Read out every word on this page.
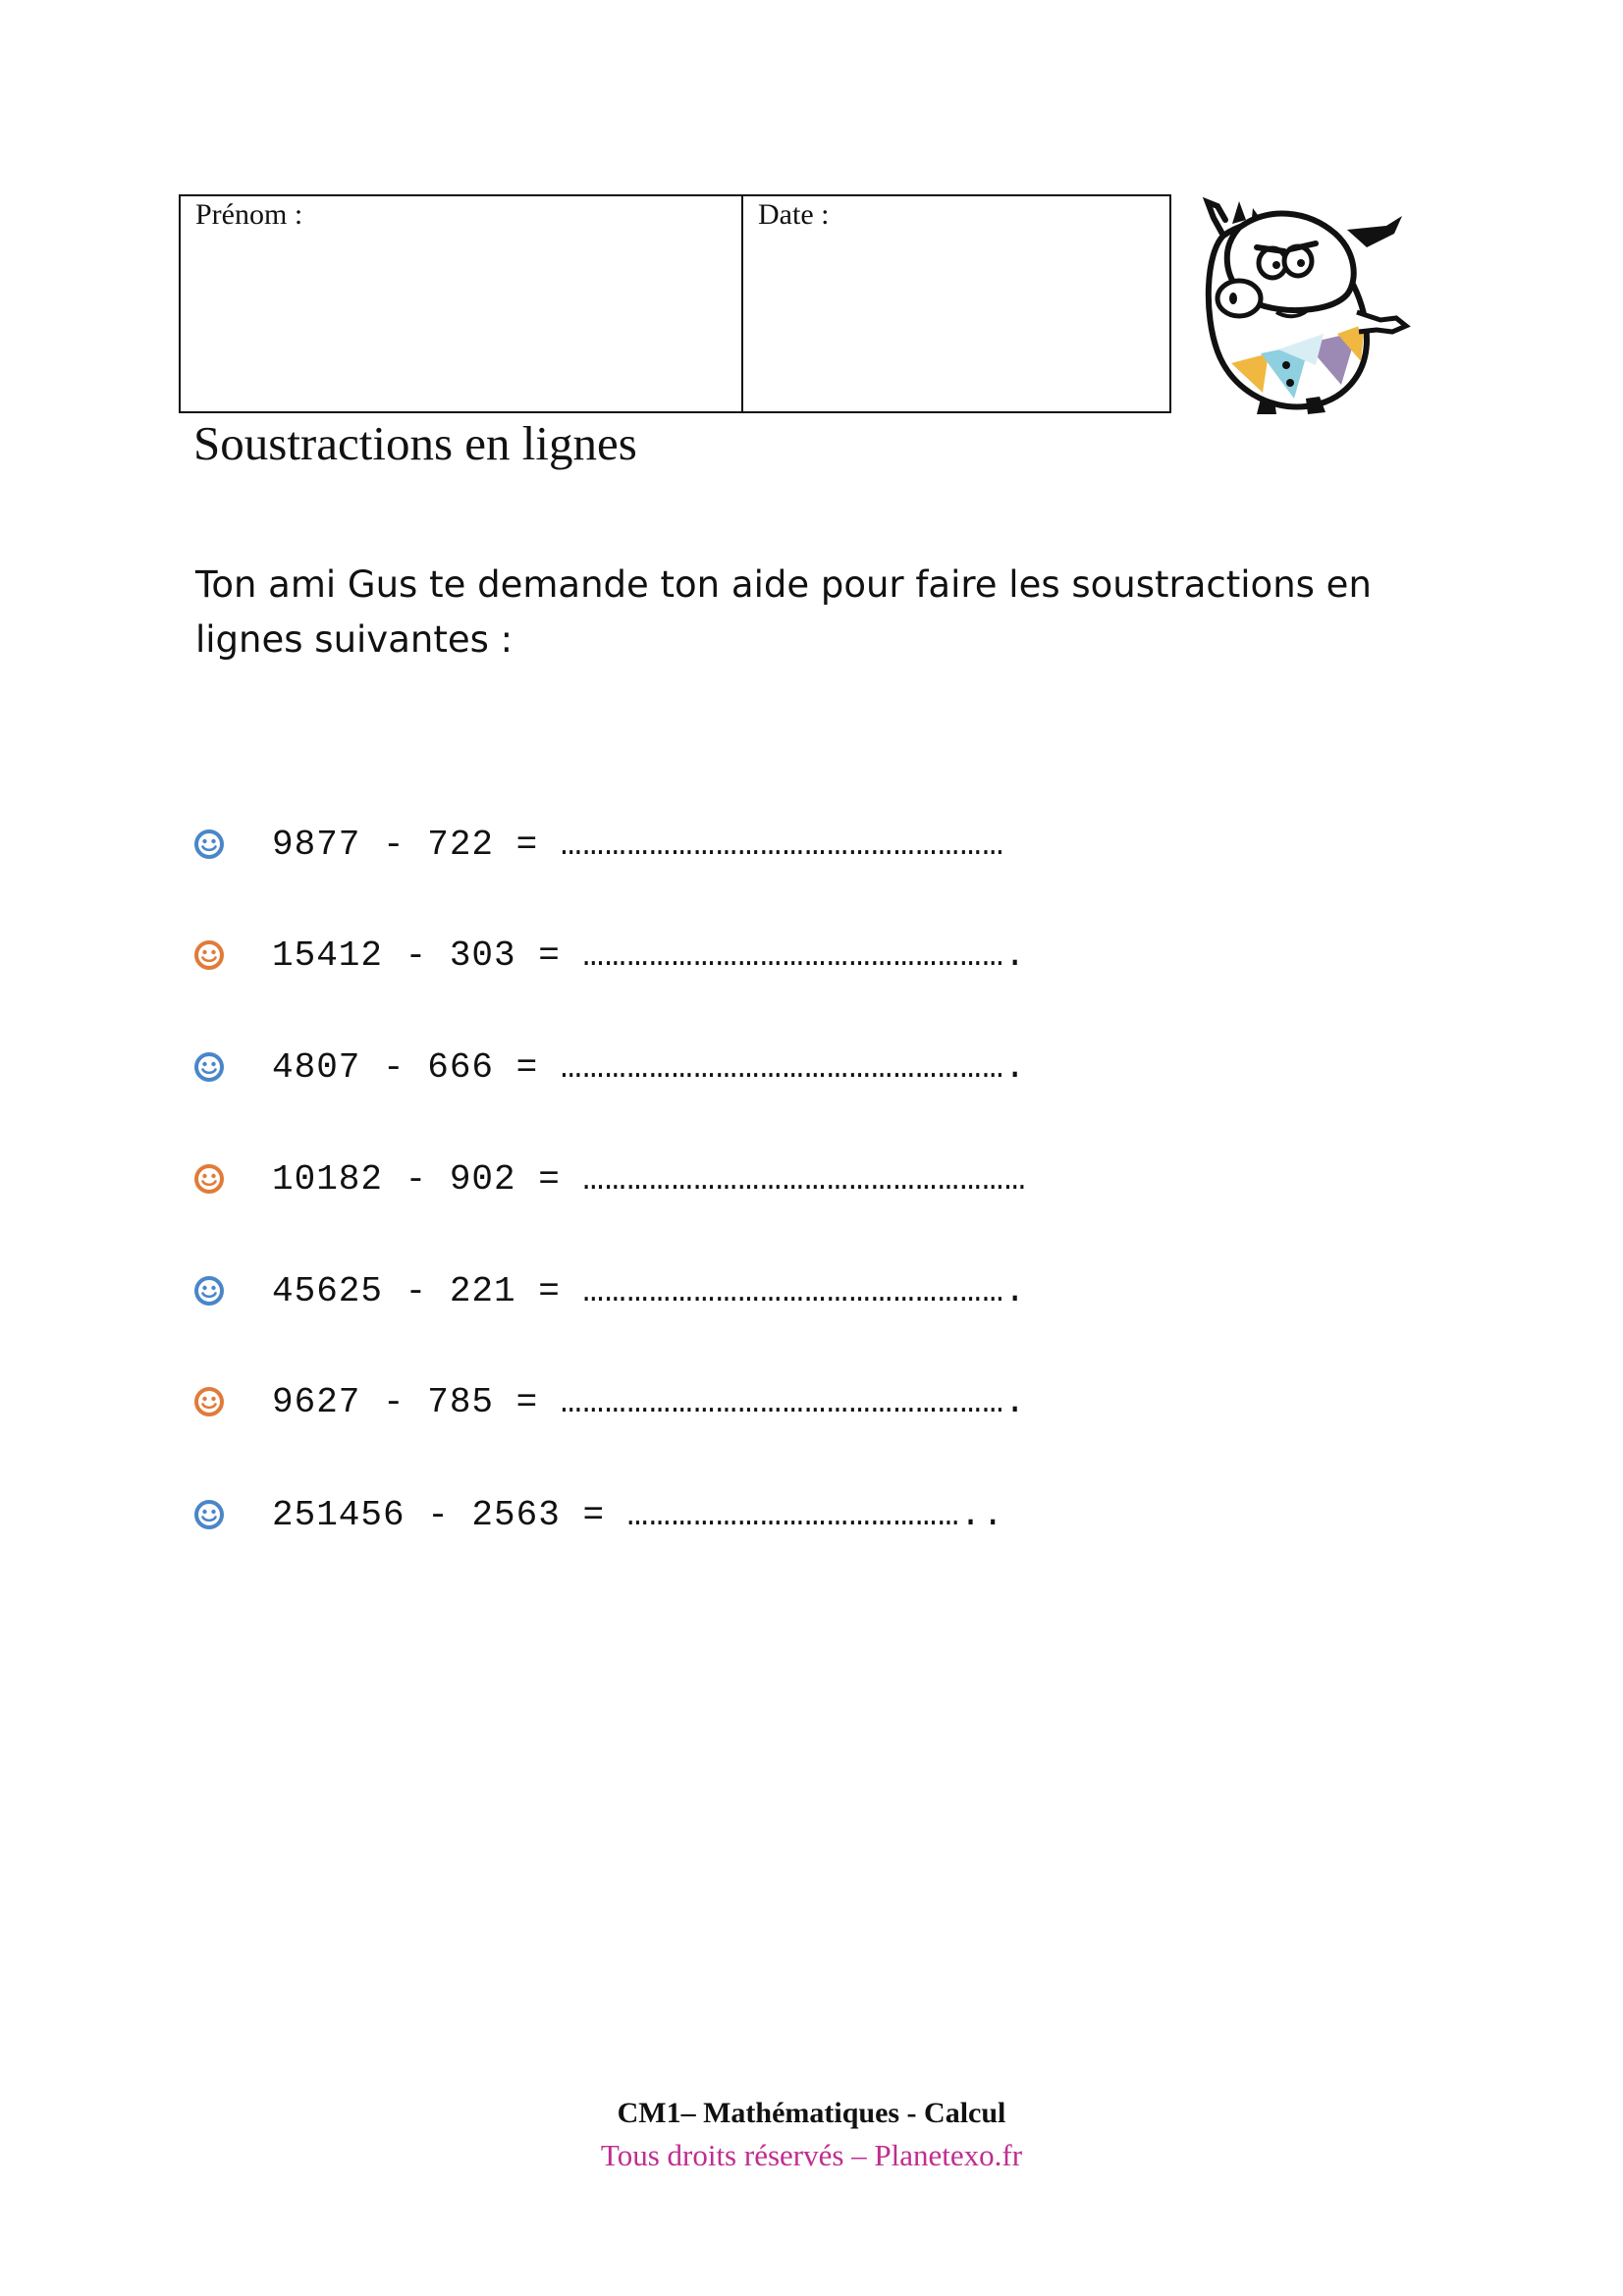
Prénom :	Date :
Soustractions en lignes

Ton ami Gus te demande ton aide pour faire les soustractions en lignes suivantes :

9877 - 722 = ……………………………………………………
15412 - 303 = ………………………………………………….
4807 - 666 = …………………………………………………….
10182 - 902 = ……………………………………………………
45625 - 221 = ………………………………………………….
9627 - 785 = …………………………………………………….
251456 - 2563 = ………………………………………..
CM1– Mathématiques - Calcul
Tous droits réservés – Planetexo.fr
